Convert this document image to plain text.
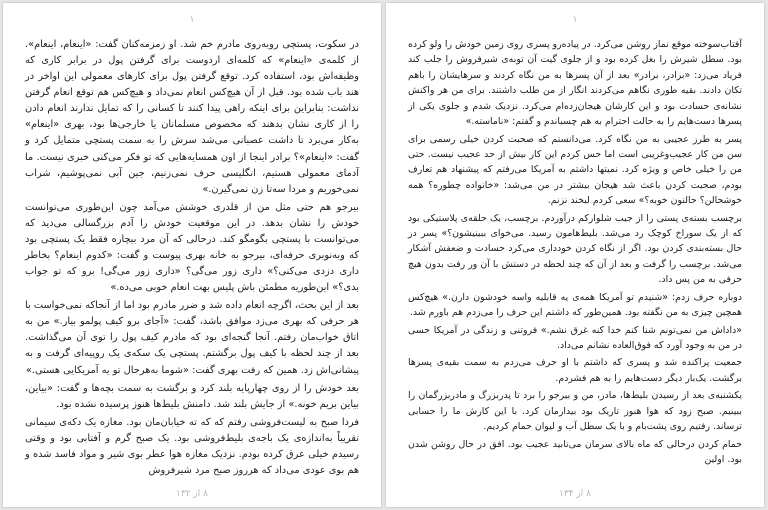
۱

در سکوت، پستچی روبه‌روی مادرم خم شد. او زمزمه‌کنان گفت: «اینعام، اینعام». از کلمه‌ی «اینعام» که کلمه‌ای اردوست برای گرفتن پول در برابر کاری که وظیفه‌اش بود، استفاده کرد. توقع گرفتن پول برای کارهای معمولی این اواخر در هند باب شده بود. قبل از آن هیچ‌کس انعام نمی‌داد و هیچ‌کس هم توقع انعام گرفتن نداشت: بنابراین برای اینکه راهی پیدا کنند تا کسانی را که تمایل ندارند انعام دادن را از کاری نشان بدهند که مخصوص مسلمانان یا خارجی‌ها بود، بهری «اینعام» به‌کار می‌برد تا داشت عصبانی می‌شد سرش را به سمت پستچی متمایل کرد و گفت: «اینعام»؟ برادر اینجا از اون همسایه‌هایی که تو فکر می‌کنی خبری نیست. ما آدمای معمولی هستیم، انگلیسی حرف نمی‌زنیم، جین آبی نمی‌پوشیم، شراب نمی‌خوریم و مردا سه‌تا زن نمی‌گیرن.»

بیرجو هم حتی مثل من از قلدری خوشش می‌آمد چون این‌طوری می‌توانست خودش را نشان بدهد. در این موقعیت خودش را آدم بزرگسالی می‌دید که می‌توانست با پستچی بگومگو کند. درحالی که آن مرد بیچاره فقط یک پستچی بود که وبه‌نوبری حرفه‌ای، بیرجو به خانه بهری پیوست و گفت: «کدوم اینعام؟ بخاطر داری دزدی می‌کنی؟» داری زور می‌گی؟ «داری زور می‌گی! برو که تو جواب بدی؟» این‌طوریه مطمئن باش پلیس بهت انعام خوبی می‌ده.»

بعد از این بحث، اگرچه انعام داده شد و ضرر مادرم بود اما از آنجاکه نمی‌خواست با هر حرفی که بهری می‌زد موافق باشد، گفت: «آجای برو کیف پولمو بیار.» من به اتاق خواب‌مان رفتم. آنجا گنجه‌ای بود که مادرم کیف پول را توی آن می‌گذاشت. بعد از چند لحظه با کیف پول برگشتم. پستچی یک سکه‌ی یک روپیه‌ای گرفت و به پیشانی‌اش زد. همین که رفت بهری گفت: «شوما به‌هرحال تو یه آمریکایی هستی.»

بعد خودش را از روی چهارپایه بلند کرد و برگشت به سمت بچه‌ها و گفت: «بیاین، بیاین بریم خونه.» از جایش بلند شد. دامنش بلیط‌ها هنوز پرسیده نشده بود.

فردا صبح به لیست‌فروشی رفتم که که ته خیابان‌مان بود. مغازه یک دکه‌ی سیمانی تقریباً به‌اندازه‌ی یک باجه‌ی بلیط‌فروشی بود. یک صبح گرم و آفتابی بود و وقتی رسیدم خیلی عرق کرده بودم. نزدیک مغازه هوا عطر بوی شیر و مواد فاسد شده و هم بوی عودی می‌داد که هرروز صبح مرد شیرفروش

۸ از ۱۳۲
۱

آفتاب‌سوخته موقع نماز روشن می‌کرد. در پیاده‌رو پسری روی زمین خودش را ولو کرده بود. سطل شیرش را بغل کرده بود و از جلوی گیت آن توبه‌ی شیرفروش را جلب کند فریاد می‌زد: «برادر، برادر» بعد از آن پسرها به من نگاه کردند و سرهایشان را باهم تکان دادند. بقیه طوری نگاهم می‌کردند انگار از من طلب داشتند. برای من هر واکنش نشانه‌ی حسادت بود و این کارشان هیجان‌زده‌ام می‌کرد. نزدیک شدم و جلوی یکی از پسرها دست‌هایم را به حالت احترام به هم چسباندم و گفتم: «ناماسته.»

پسر به طرز عجیبی به من نگاه کرد. می‌دانستم که صحبت کردن خیلی رسمی برای سن من کار عجیب‌وغریبی است اما حس کردم این کار بیش از حد عجیب نیست. حتی من را خیلی خاص و ویژه کرد. نمیتها داشتم به آمریکا می‌رفتم که پیشنهاد هم تعارف بودم، صحبت کردن باعث شد هیجان بیشتر در من می‌شد: «خانواده چطوره؟ همه خوشحالن؟ حالتون خوبه؟» سعی کردم لبخند نزنم.

برچسب بسته‌ی پستی را از جیب شلوارکم درآوردم. برچسب، یک حلقه‌ی پلاستیکی بود که از یک سوراخ کوچک رد می‌شد. بلیط‌هامون رسید. می‌خوای ببینیشون؟» پسر در حال بسته‌بندی کردن بود. اگر از نگاه کردن خودداری می‌کرد حسادت و ضعفش آشکار می‌شد. برچسب را گرفت و بعد از آن که چند لحظه در دستش با آن ور رفت بدون هیچ حرفی به من پس داد.

دوباره حرف زدم: «شنیدم تو آمریکا همه‌ی یه قابلیه واسه خودشون دارن.» هیچ‌کس همچین چیزی به من نگفته بود. همین‌طور که داشتم این حرف را می‌زدم هم باورم شد.

«داداش من نمی‌تونم شنا کنم خدا کنه غرق نشم.» فروتنی و زندگی در آمریکا حسی در من به وجود آورد که فوق‌العاده نشانم می‌داد.

جمعیت پراکنده شد و پسری که داشتم با او حرف می‌زدم به سمت بقیه‌ی پسرها برگشت. یک‌بار دیگر دست‌هایم را به هم فشردم.

یکشنبه‌ی بعد از رسیدن بلیط‌ها، مادر، من و بیرجو را برد تا پدربزرگ و مادربزرگمان را ببینیم. صبح زود که هوا هنوز تاریک بود بیدارمان کرد. با این کارش ما را حسابی ترساند. رفتیم روی پشت‌بام و با یک سطل آب و لیوان حمام کردیم.

حمام کردن درحالی که ماه بالای سرمان می‌تابید عجیب بود. افق در حال روشن شدن بود. اولین

۸ از ۱۳۴
